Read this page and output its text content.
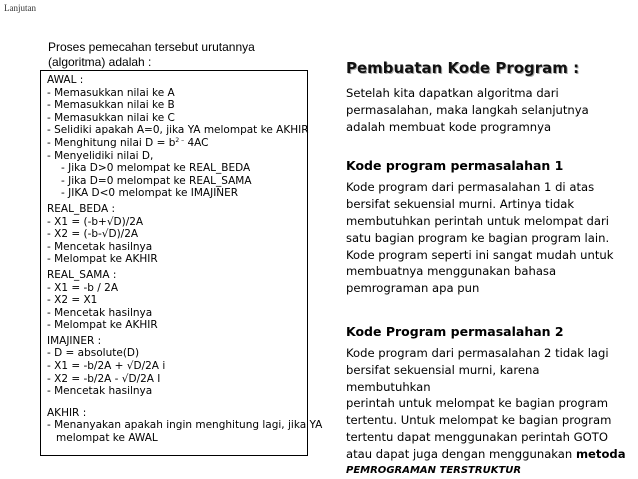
Lanjutan
Proses pemecahan tersebut urutannya
(algoritma) adalah :
AWAL :
- Memasukkan nilai ke A
- Memasukkan nilai ke B
- Memasukkan nilai ke C
- Selidiki apakah A=0, jika YA melompat ke AKHIR
- Menghitung nilai $D = b^{2 -}$ 4AC
- Menyelidiki nilai D,
- Jika D>0 melompat ke REAL_BEDA
- Jika D=0 melompat ke REAL_SAMA
- JIKA D<0 melompat ke IMAJINER
REAL_BEDA :
- X1 = (-b+√D)/2A
- X2 = (-b-√D)/2A
- Mencetak hasilnya
- Melompat ke AKHIR
REAL_SAMA :
- X1 = -b / 2A
- X2 = X1
- Mencetak hasilnya
- Melompat ke AKHIR
IMAJINER :
- D = absolute(D)
- X1 = -b/2A + √D/2A i
- X2 = -b/2A - √D/2A I
- Mencetak hasilnya
AKHIR :
- Menanyakan apakah ingin menghitung lagi, jika YA
melompat ke AWAL
Pembuatan Kode Program :
Setelah kita dapatkan algoritma dari
permasalahan, maka langkah selanjutnya
adalah membuat kode programnya
Kode program permasalahan 1
Kode program dari permasalahan 1 di atas
bersifat sekuensial murni. Artinya tidak
membutuhkan perintah untuk melompat dari
satu bagian program ke bagian program lain.
Kode program seperti ini sangat mudah untuk
membuatnya menggunakan bahasa
pemrograman apa pun
Kode Program permasalahan 2
Kode program dari permasalahan 2 tidak lagi
bersifat sekuensial murni, karena membutuhkan
perintah untuk melompat ke bagian program
tertentu. Untuk melompat ke bagian program
tertentu dapat menggunakan perintah GOTO
atau dapat juga dengan menggunakan metoda
PEMROGRAMAN TERSTRUKTUR
